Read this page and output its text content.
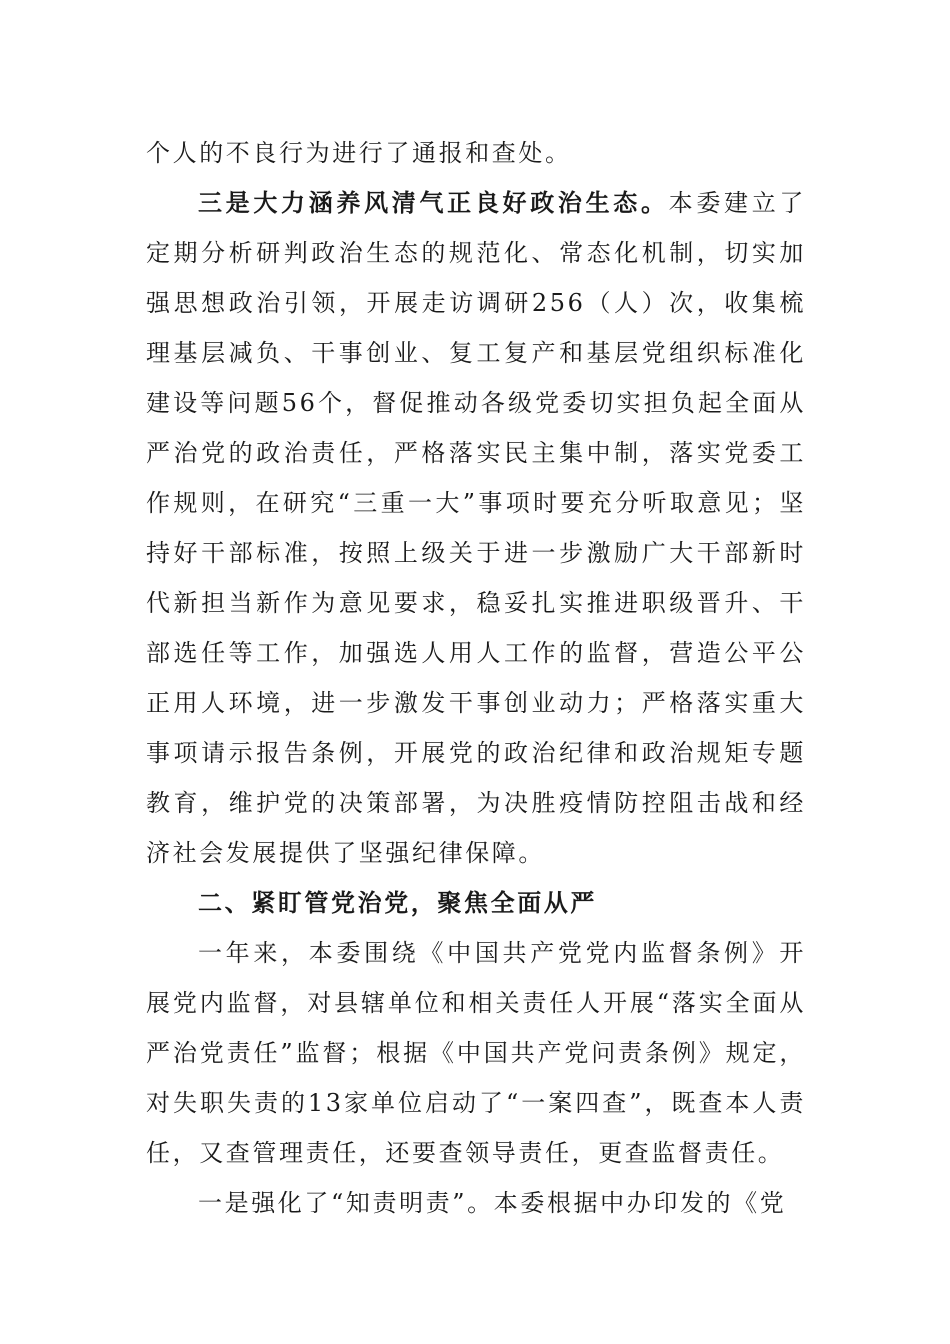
个人的不良行为进行了通报和查处。

三是大力涵养风清气正良好政治生态。本委建立了定期分析研判政治生态的规范化、常态化机制，切实加强思想政治引领，开展走访调研256（人）次，收集梳理基层减负、干事创业、复工复产和基层党组织标准化建设等问题56个，督促推动各级党委切实担负起全面从严治党的政治责任，严格落实民主集中制，落实党委工作规则，在研究“三重一大”事项时要充分听取意见；坚持好干部标准，按照上级关于进一步激励广大干部新时代新担当新作为意见要求，稳妥扎实推进职级晋升、干部选任等工作，加强选人用人工作的监督，营造公平公正用人环境，进一步激发干事创业动力；严格落实重大事项请示报告条例，开展党的政治纪律和政治规矩专题教育，维护党的决策部署，为决胜疫情防控阻击战和经济社会发展提供了坚强纪律保障。

二、紧盯管党治党，聚焦全面从严

一年来，本委围绕《中国共产党党内监督条例》开展党内监督，对县辖单位和相关责任人开展“落实全面从严治党责任”监督；根据《中国共产党问责条例》规定，对失职失责的13家单位启动了“一案四查”，既查本人责任，又查管理责任，还要查领导责任，更查监督责任。

一是强化了“知责明责”。本委根据中办印发的《党
